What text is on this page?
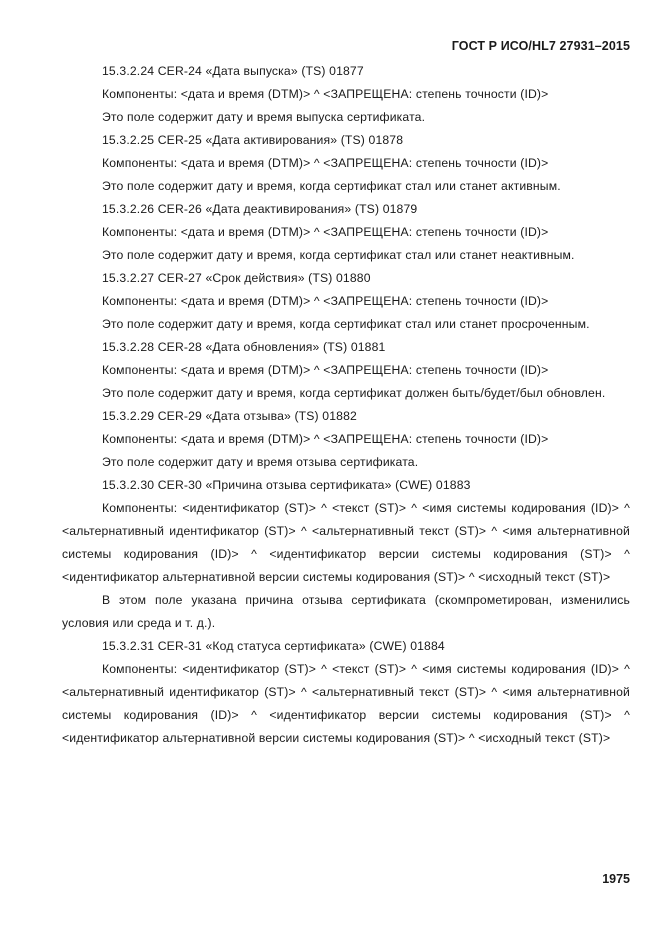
ГОСТ Р ИСО/HL7 27931–2015

15.3.2.24 CER-24 «Дата выпуска» (TS) 01877

Компоненты: <дата и время (DTM)> ^ <ЗАПРЕЩЕНА: степень точности (ID)>

Это поле содержит дату и время выпуска сертификата.

15.3.2.25 CER-25 «Дата активирования» (TS) 01878

Компоненты: <дата и время (DTM)> ^ <ЗАПРЕЩЕНА: степень точности (ID)>

Это поле содержит дату и время, когда сертификат стал или станет активным.

15.3.2.26 CER-26 «Дата деактивирования» (TS) 01879

Компоненты: <дата и время (DTM)> ^ <ЗАПРЕЩЕНА: степень точности (ID)>

Это поле содержит дату и время, когда сертификат стал или станет неактивным.

15.3.2.27 CER-27 «Срок действия» (TS) 01880

Компоненты: <дата и время (DTM)> ^ <ЗАПРЕЩЕНА: степень точности (ID)>

Это поле содержит дату и время, когда сертификат стал или станет просроченным.

15.3.2.28 CER-28 «Дата обновления» (TS) 01881

Компоненты: <дата и время (DTM)> ^ <ЗАПРЕЩЕНА: степень точности (ID)>

Это поле содержит дату и время, когда сертификат должен быть/будет/был обновлен.

15.3.2.29 CER-29 «Дата отзыва» (TS) 01882

Компоненты: <дата и время (DTM)> ^ <ЗАПРЕЩЕНА: степень точности (ID)>

Это поле содержит дату и время отзыва сертификата.

15.3.2.30 CER-30 «Причина отзыва сертификата» (CWE) 01883

Компоненты: <идентификатор (ST)> ^ <текст (ST)> ^ <имя системы кодирования (ID)> ^ <альтернативный идентификатор (ST)> ^ <альтернативный текст (ST)> ^ <имя альтернативной системы кодирования (ID)> ^ <идентификатор версии системы кодирования (ST)> ^ <идентификатор альтернативной версии системы кодирования (ST)> ^ <исходный текст (ST)>

В этом поле указана причина отзыва сертификата (скомпрометирован, изменились условия или среда и т. д.).

15.3.2.31 CER-31 «Код статуса сертификата» (CWE) 01884

Компоненты: <идентификатор (ST)> ^ <текст (ST)> ^ <имя системы кодирования (ID)> ^ <альтернативный идентификатор (ST)> ^ <альтернативный текст (ST)> ^ <имя альтернативной системы кодирования (ID)> ^ <идентификатор версии системы кодирования (ST)> ^ <идентификатор альтернативной версии системы кодирования (ST)> ^ <исходный текст (ST)>

1975
